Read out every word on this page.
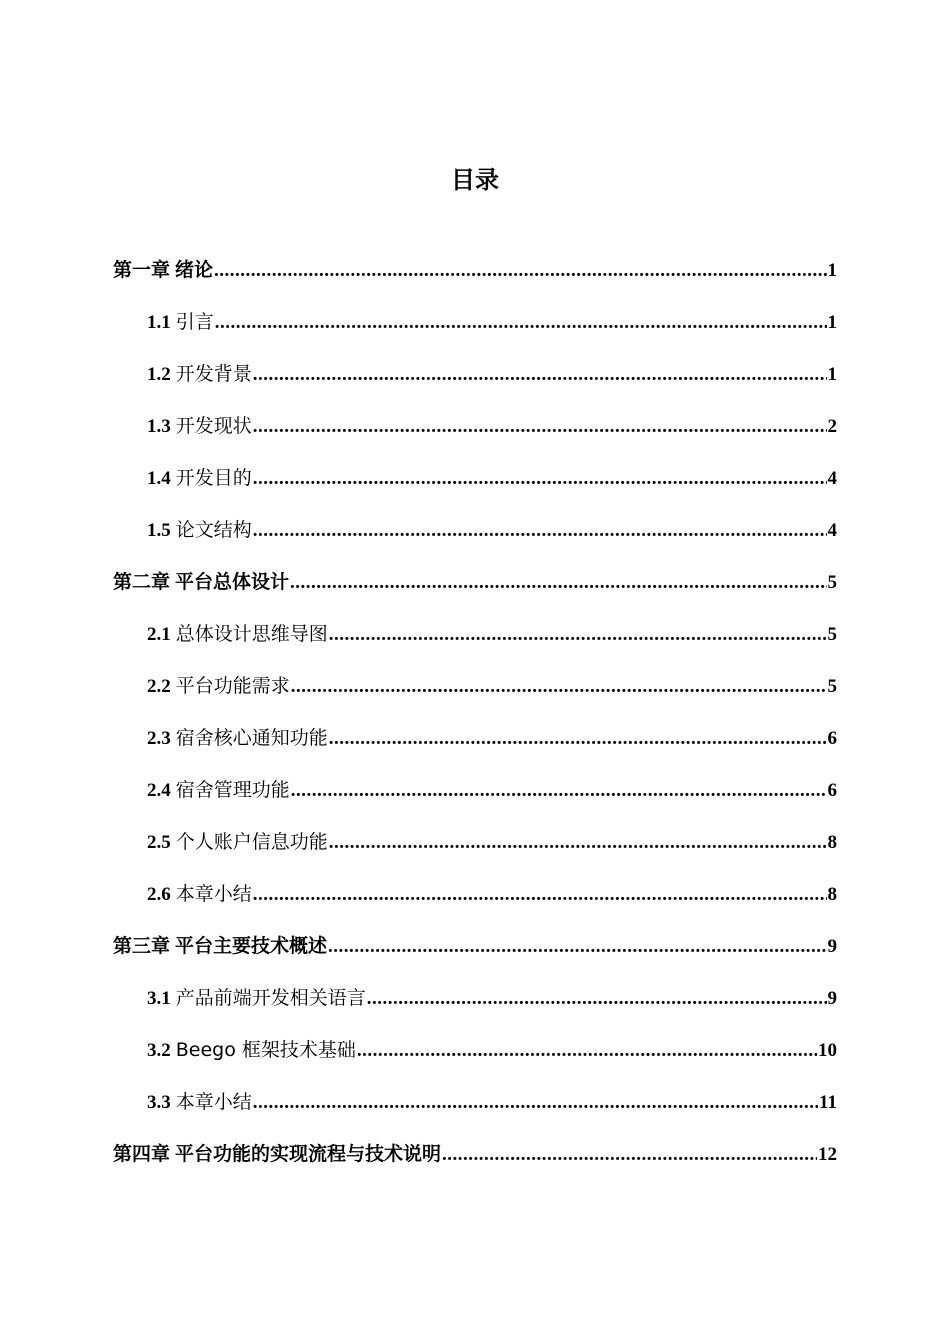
目录
第一章 绪论 .....	1
1.1 引言 .....	1
1.2 开发背景 .....	1
1.3 开发现状 .....	2
1.4 开发目的 .....	4
1.5 论文结构 .....	4
第二章 平台总体设计 .....	5
2.1 总体设计思维导图 .....	5
2.2 平台功能需求 .....	5
2.3 宿舍核心通知功能 .....	6
2.4 宿舍管理功能 .....	6
2.5 个人账户信息功能 .....	8
2.6 本章小结 .....	8
第三章 平台主要技术概述 .....	9
3.1 产品前端开发相关语言 .....	9
3.2 Beego 框架技术基础 .....	10
3.3 本章小结 .....	11
第四章 平台功能的实现流程与技术说明 .....	12
